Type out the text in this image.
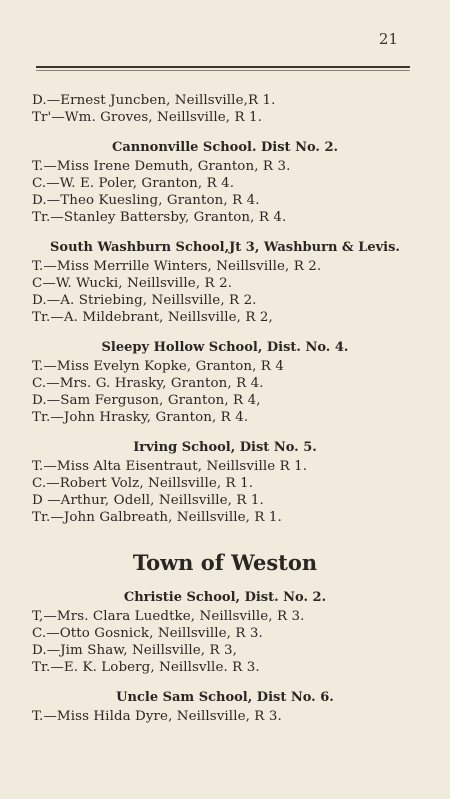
21
D.—Ernest Juncben, Neillsville,R 1.
Tr'—Wm. Groves, Neillsville, R 1.
Cannonville School. Dist No. 2.
T.—Miss Irene Demuth, Granton, R 3.
C.—W. E. Poler, Granton, R 4.
D.—Theo Kuesling, Granton, R 4.
Tr.—Stanley Battersby, Granton, R 4.
South Washburn School,Jt 3, Washburn & Levis.
T.—Miss Merrille Winters, Neillsville, R 2.
C—W. Wucki, Neillsville, R 2.
D.—A. Striebing, Neillsville, R 2.
Tr.—A. Mildebrant, Neillsville, R 2,
Sleepy Hollow School, Dist. No. 4.
T.—Miss Evelyn Kopke, Granton, R 4
C.—Mrs. G. Hrasky, Granton, R 4.
D.—Sam Ferguson, Granton, R 4,
Tr.—John Hrasky, Granton, R 4.
Irving School, Dist No. 5.
T.—Miss Alta Eisentraut, Neillsville R 1.
C.—Robert Volz, Neillsville, R 1.
D —Arthur, Odell, Neillsville, R 1.
Tr.—John Galbreath, Neillsville, R 1.
Town of Weston
Christie School, Dist. No. 2.
T,—Mrs. Clara Luedtke, Neillsville, R 3.
C.—Otto Gosnick, Neillsville, R 3.
D.—Jim Shaw, Neillsville, R 3,
Tr.—E. K. Loberg, Neillsvlle. R 3.
Uncle Sam School, Dist No. 6.
T.—Miss Hilda Dyre, Neillsville, R 3.
